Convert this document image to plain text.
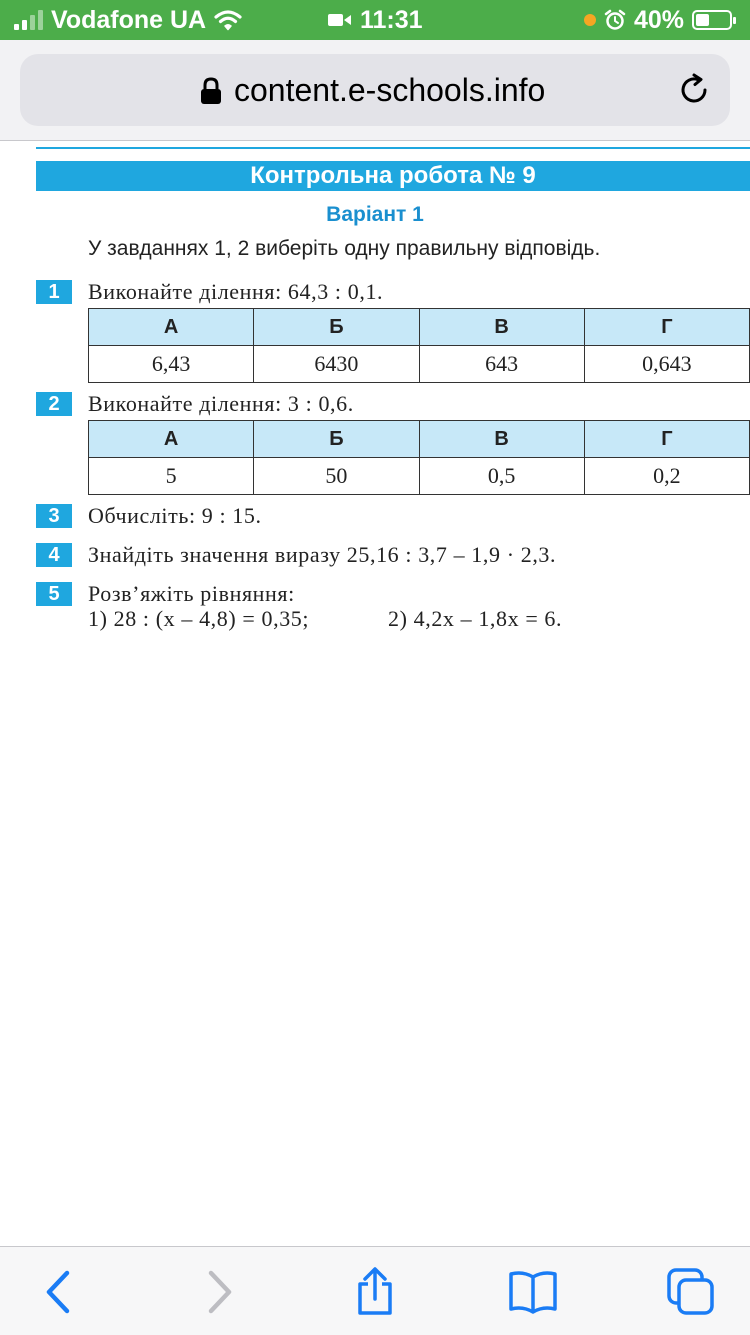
Vodafone UA	11:31	40%
content.e-schools.info
Контрольна робота № 9
Варіант 1
У завданнях 1, 2 виберіть одну правильну відповідь.
1 Виконайте ділення: 64,3 : 0,1.
А	Б	В	Г
6,43	6430	643	0,643
2 Виконайте ділення: 3 : 0,6.
А	Б	В	Г
5	50	0,5	0,2
3 Обчисліть: 9 : 15.
4 Знайдіть значення виразу 25,16 : 3,7 – 1,9 · 2,3.
5 Розв’яжіть рівняння:
1) 28 : (x – 4,8) = 0,35;	2) 4,2x – 1,8x = 6.
